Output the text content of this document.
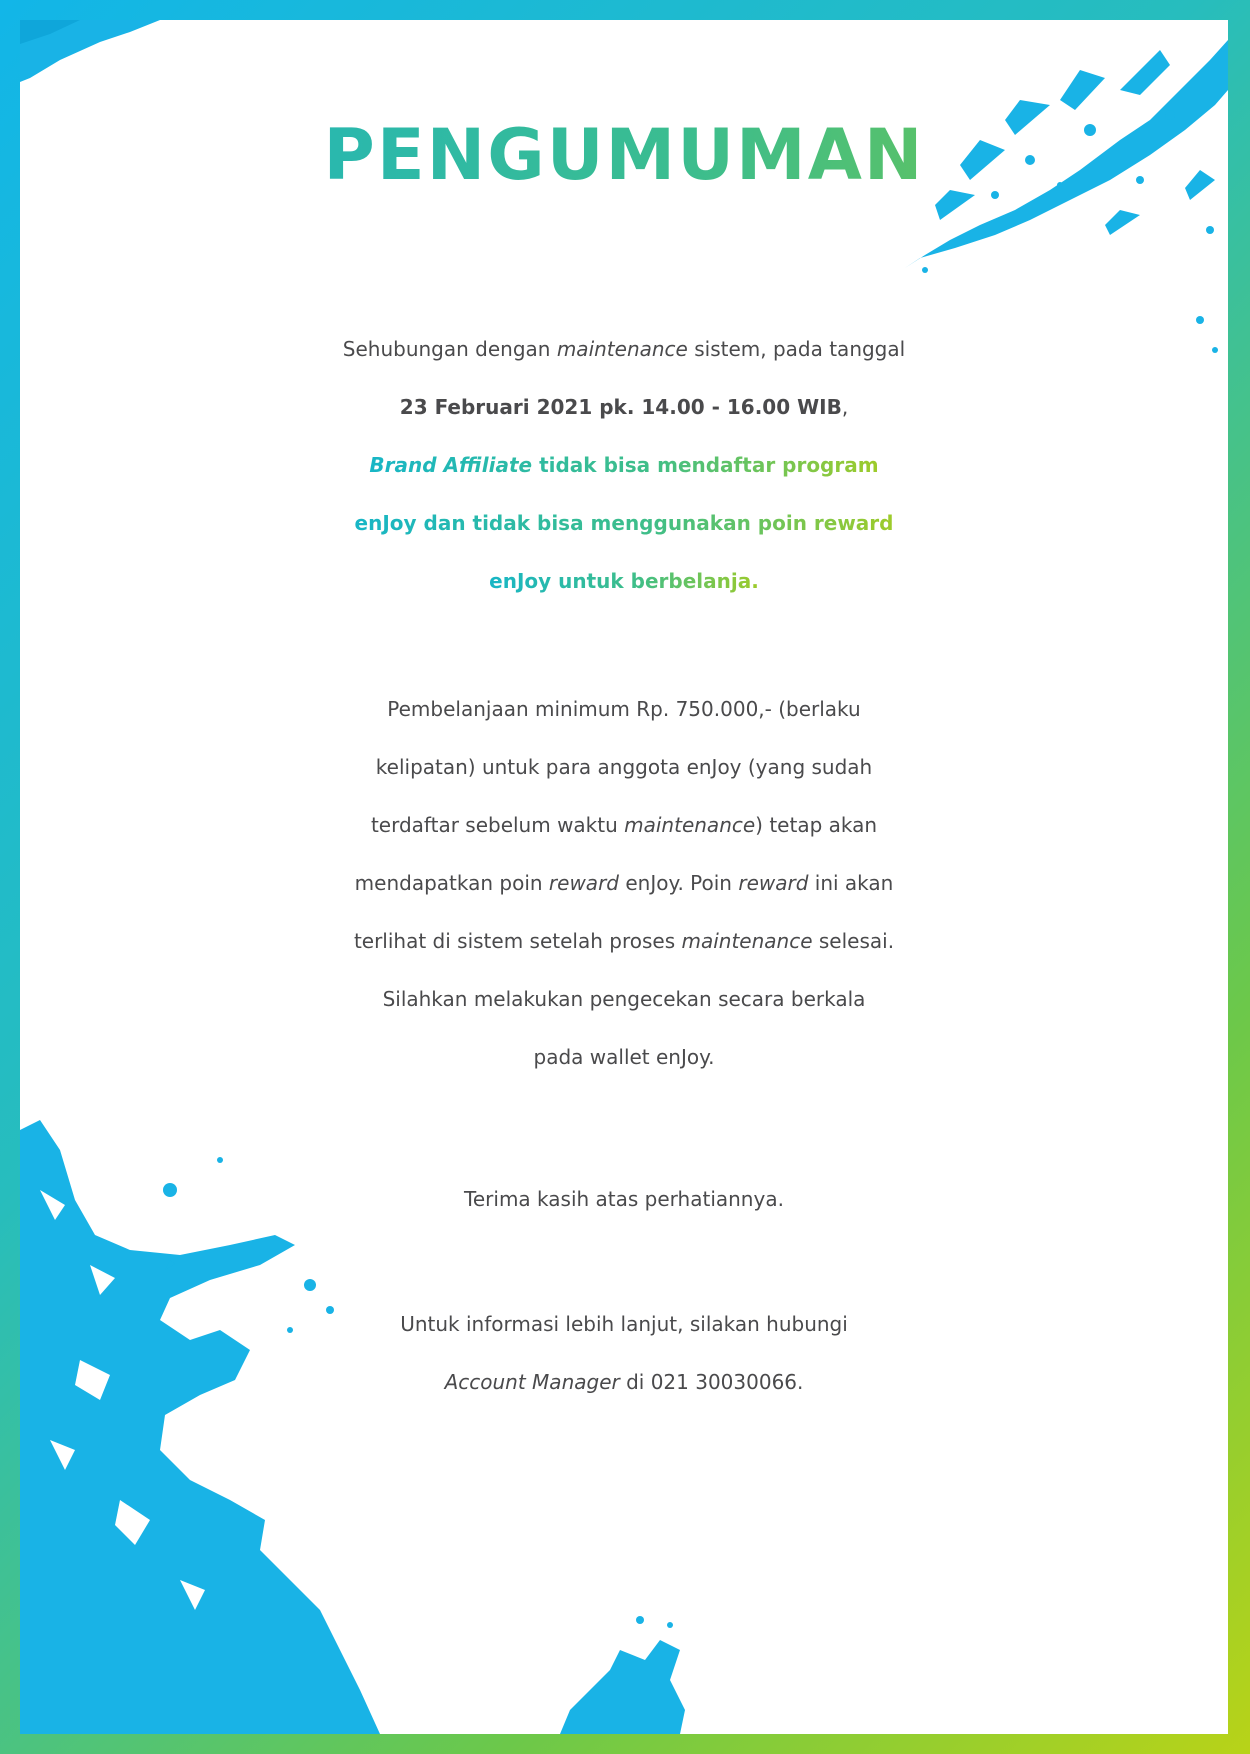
PENGUMUMAN
Sehubungan dengan maintenance sistem, pada tanggal
23 Februari 2021 pk. 14.00 - 16.00 WIB,
Brand Affiliate tidak bisa mendaftar program
enJoy dan tidak bisa menggunakan poin reward
enJoy untuk berbelanja.
Pembelanjaan minimum Rp. 750.000,- (berlaku
kelipatan) untuk para anggota enJoy (yang sudah
terdaftar sebelum waktu maintenance) tetap akan
mendapatkan poin reward enJoy. Poin reward ini akan
terlihat di sistem setelah proses maintenance selesai.
Silahkan melakukan pengecekan secara berkala
pada wallet enJoy.
Terima kasih atas perhatiannya.
Untuk informasi lebih lanjut, silakan hubungi
Account Manager di 021 30030066.
